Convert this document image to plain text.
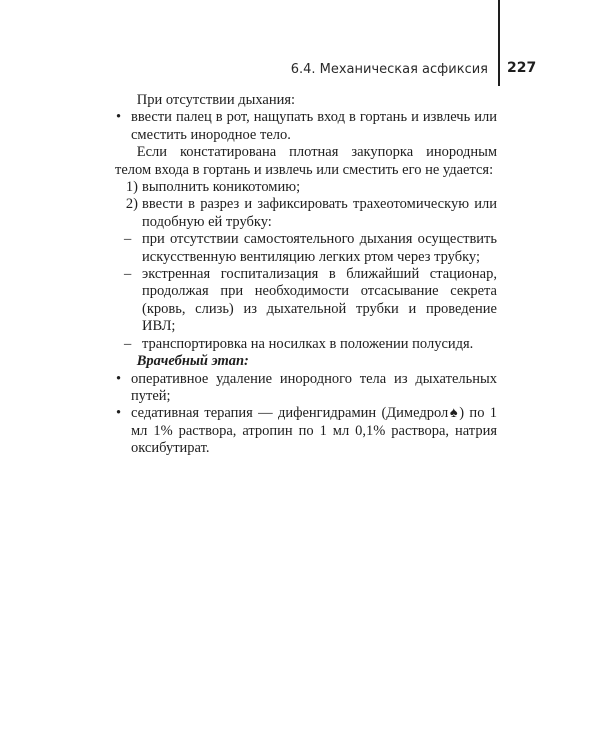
6.4. Механическая асфиксия 227
При отсутствии дыхания:
• ввести палец в рот, нащупать вход в гортань и извлечь или сместить инородное тело.
Если констатирована плотная закупорка инородным телом входа в гортань и извлечь или сместить его не удается:
1) выполнить коникотомию;
2) ввести в разрез и зафиксировать трахеотомическую или подобную ей трубку:
– при отсутствии самостоятельного дыхания осуществить искусственную вентиляцию легких ртом через трубку;
– экстренная госпитализация в ближайший стационар, продолжая при необходимости отсасывание секрета (кровь, слизь) из дыхательной трубки и проведение ИВЛ;
– транспортировка на носилках в положении полусидя.
Врачебный этап:
• оперативное удаление инородного тела из дыхательных путей;
• седативная терапия — дифенгидрамин (Димедрол♠) по 1 мл 1% раствора, атропин по 1 мл 0,1% раствора, натрия оксибутират.
